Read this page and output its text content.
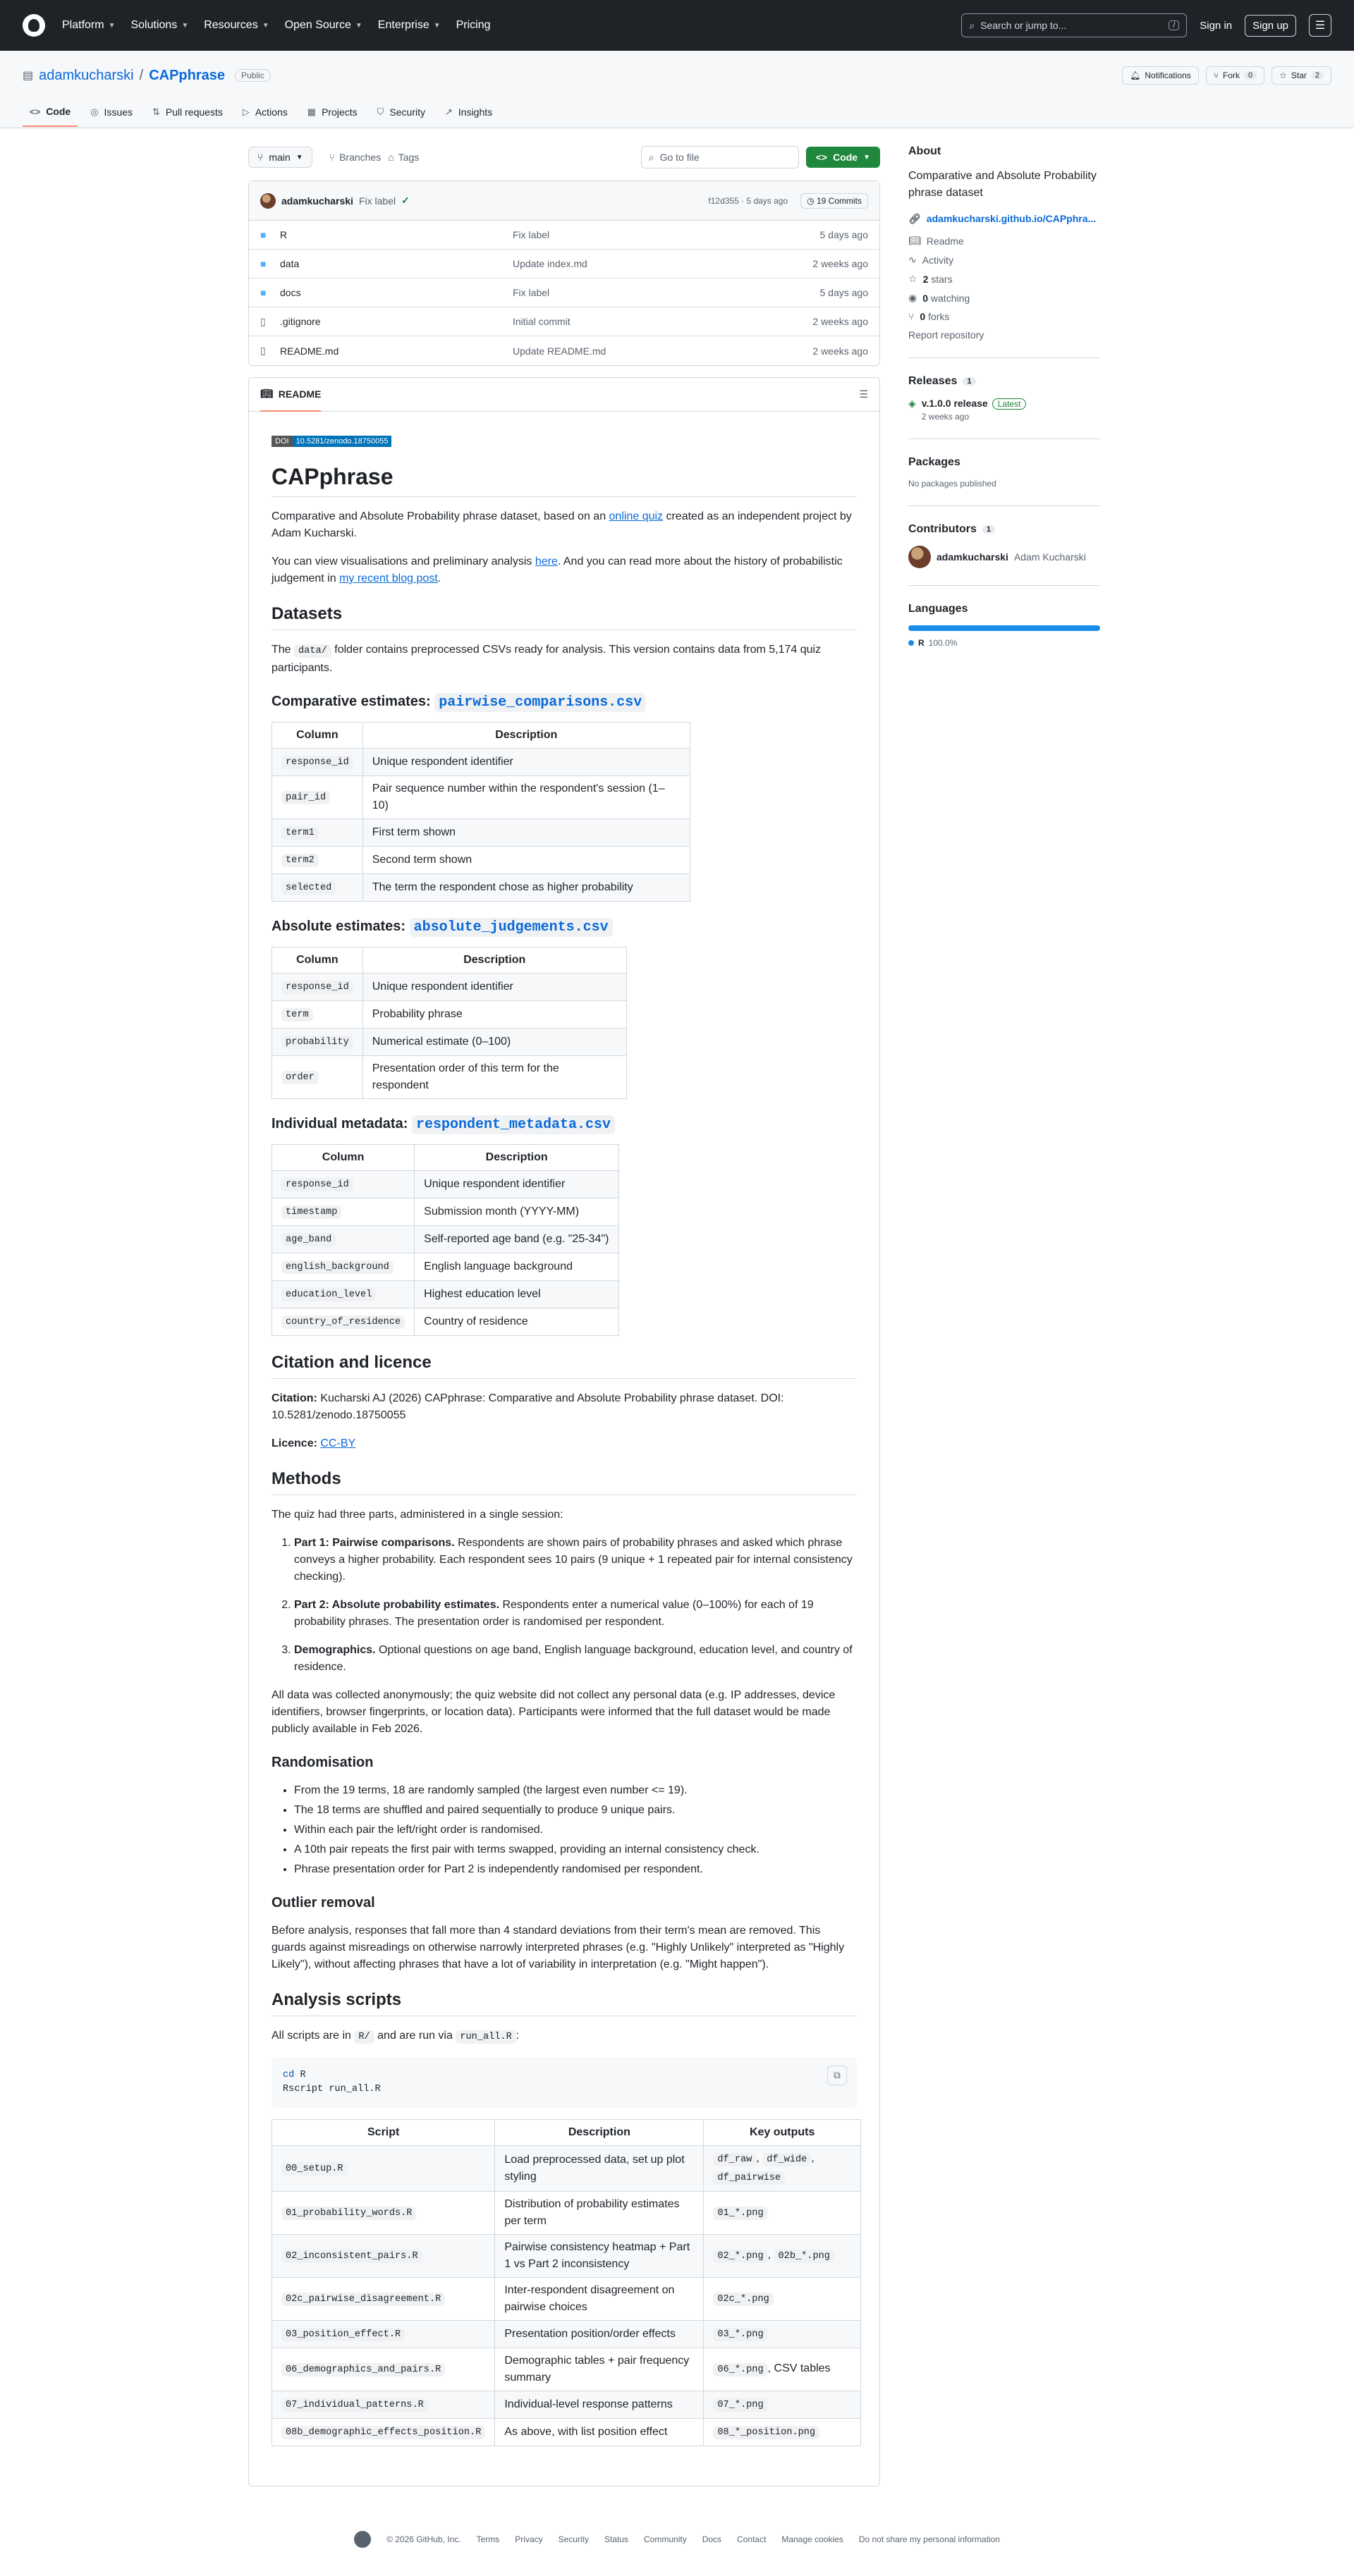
Platform ▼ Solutions ▼ Resources ▼ Open Source ▼ Enterprise ▼ Pricing	⌕ Search or jump to...	/	Sign in	Sign up	☰
▤ adamkucharski / CAPphrase	Public	🔔︎ Notifications	⑂ Fork	0	☆ Star	2
<> Code ◎ Issues ⇅ Pull requests ▷ Actions ▦ Projects ⛉ Security ↗ Insights
⑂ main ▼	⑂ Branches ⌂ Tags	⌕ Go to file	<> Code ▼
adamkucharski Fix label ✓	f12d355 · 5 days ago	◷ 19 Commits
■	R	Fix label	5 days ago
■	data	Update index.md	2 weeks ago
■	docs	Fix label	5 days ago
▯	.gitignore	Initial commit	2 weeks ago
▯	README.md	Update README.md	2 weeks ago
📖︎ README	☰
DOI 10.5281/zenodo.18750055
CAPphrase

Comparative and Absolute Probability phrase dataset, based on an online quiz created as an independent project by Adam Kucharski.

You can view visualisations and preliminary analysis here. And you can read more about the history of probabilistic judgement in my recent blog post.

Datasets

The data/ folder contains preprocessed CSVs ready for analysis. This version contains data from 5,174 quiz participants.

Comparative estimates: pairwise_comparisons.csv
Column	Description
response_id	Unique respondent identifier
pair_id	Pair sequence number within the respondent's session (1–10)
term1	First term shown
term2	Second term shown
selected	The term the respondent chose as higher probability
Absolute estimates: absolute_judgements.csv
Column	Description
response_id	Unique respondent identifier
term	Probability phrase
probability	Numerical estimate (0–100)
order	Presentation order of this term for the respondent
Individual metadata: respondent_metadata.csv
Column	Description
response_id	Unique respondent identifier
timestamp	Submission month (YYYY-MM)
age_band	Self-reported age band (e.g. "25-34")
english_background	English language background
education_level	Highest education level
country_of_residence	Country of residence
Citation and licence

Citation: Kucharski AJ (2026) CAPphrase: Comparative and Absolute Probability phrase dataset. DOI: 10.5281/zenodo.18750055

Licence: CC-BY

Methods

The quiz had three parts, administered in a single session:

1. Part 1: Pairwise comparisons. Respondents are shown pairs of probability phrases and asked which phrase conveys a higher probability. Each respondent sees 10 pairs (9 unique + 1 repeated pair for internal consistency checking).
2. Part 2: Absolute probability estimates. Respondents enter a numerical value (0–100%) for each of 19 probability phrases. The presentation order is randomised per respondent.
3. Demographics. Optional questions on age band, English language background, education level, and country of residence.

All data was collected anonymously; the quiz website did not collect any personal data (e.g. IP addresses, device identifiers, browser fingerprints, or location data). Participants were informed that the full dataset would be made publicly available in Feb 2026.

Randomisation
• From the 19 terms, 18 are randomly sampled (the largest even number <= 19).
• The 18 terms are shuffled and paired sequentially to produce 9 unique pairs.
• Within each pair the left/right order is randomised.
• A 10th pair repeats the first pair with terms swapped, providing an internal consistency check.
• Phrase presentation order for Part 2 is independently randomised per respondent.
Outlier removal

Before analysis, responses that fall more than 4 standard deviations from their term's mean are removed. This guards against misreadings on otherwise narrowly interpreted phrases (e.g. "Highly Unlikely" interpreted as "Highly Likely"), without affecting phrases that have a lot of variability in interpretation (e.g. "Might happen").

Analysis scripts

All scripts are in R/ and are run via run_all.R :

cd R
Rscript run_all.R
⧉
Script	Description	Key outputs
00_setup.R	Load preprocessed data, set up plot styling	df_raw , df_wide , df_pairwise
01_probability_words.R	Distribution of probability estimates per term	01_*.png
02_inconsistent_pairs.R	Pairwise consistency heatmap + Part 1 vs Part 2 inconsistency	02_*.png , 02b_*.png
02c_pairwise_disagreement.R	Inter-respondent disagreement on pairwise choices	02c_*.png
03_position_effect.R	Presentation position/order effects	03_*.png
06_demographics_and_pairs.R	Demographic tables + pair frequency summary	06_*.png , CSV tables
07_individual_patterns.R	Individual-level response patterns	07_*.png
08b_demographic_effects_position.R	As above, with list position effect	08_*_position.png
About
Comparative and Absolute Probability phrase dataset
🔗︎ adamkucharski.github.io/CAPphra...
📖︎ Readme
∿ Activity
☆ 2 stars
◉ 0 watching
⑂ 0 forks
Report repository
Releases	1
◈ v.1.0.0 release Latest
2 weeks ago
Packages
No packages published
Contributors	1
adamkucharski Adam Kucharski
Languages
R 100.0%
© 2026 GitHub, Inc. Terms Privacy Security Status Community Docs Contact Manage cookies Do not share my personal information
